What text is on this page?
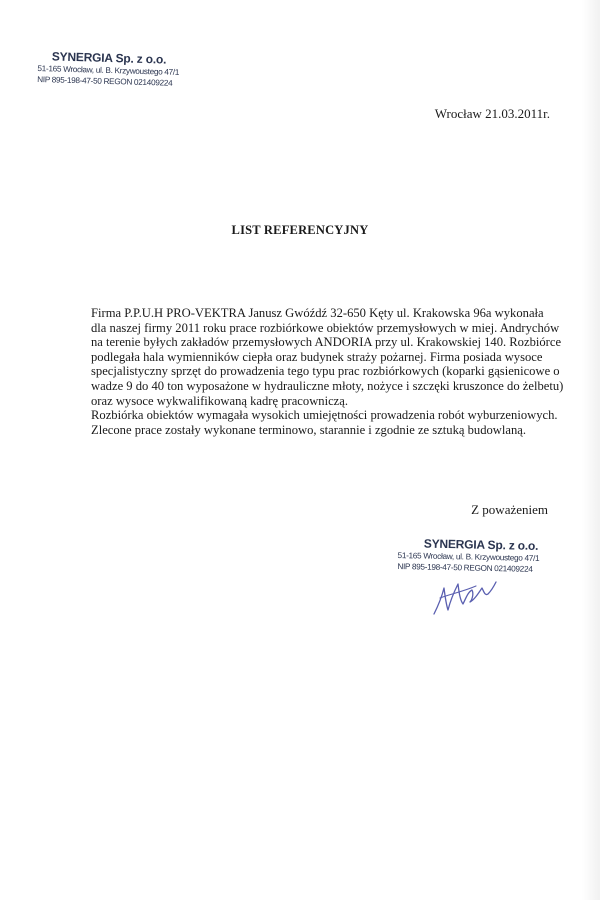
SYNERGIA Sp. z o.o.
51-165 Wrocław, ul. B. Krzywoustego 47/1
NIP 895-198-47-50 REGON 021409224
Wrocław 21.03.2011r.
LIST REFERENCYJNY
Firma P.P.U.H PRO-VEKTRA Janusz Gwóźdź 32-650 Kęty ul. Krakowska 96a wykonała
dla naszej firmy 2011 roku prace rozbiórkowe obiektów przemysłowych w miej. Andrychów
na terenie byłych zakładów przemysłowych ANDORIA przy ul. Krakowskiej 140. Rozbiórce
podlegała hala wymienników ciepła oraz budynek straży pożarnej. Firma posiada wysoce
specjalistyczny sprzęt do prowadzenia tego typu prac rozbiórkowych (koparki gąsienicowe o
wadze 9 do 40 ton wyposażone w hydrauliczne młoty, nożyce i szczęki kruszonce do żelbetu)
oraz wysoce wykwalifikowaną kadrę pracowniczą.
Rozbiórka obiektów wymagała wysokich umiejętności prowadzenia robót wyburzeniowych.
Zlecone prace zostały wykonane terminowo, starannie i zgodnie ze sztuką budowlaną.
Z poważeniem
SYNERGIA Sp. z o.o.
51-165 Wrocław, ul. B. Krzywoustego 47/1
NIP 895-198-47-50 REGON 021409224
